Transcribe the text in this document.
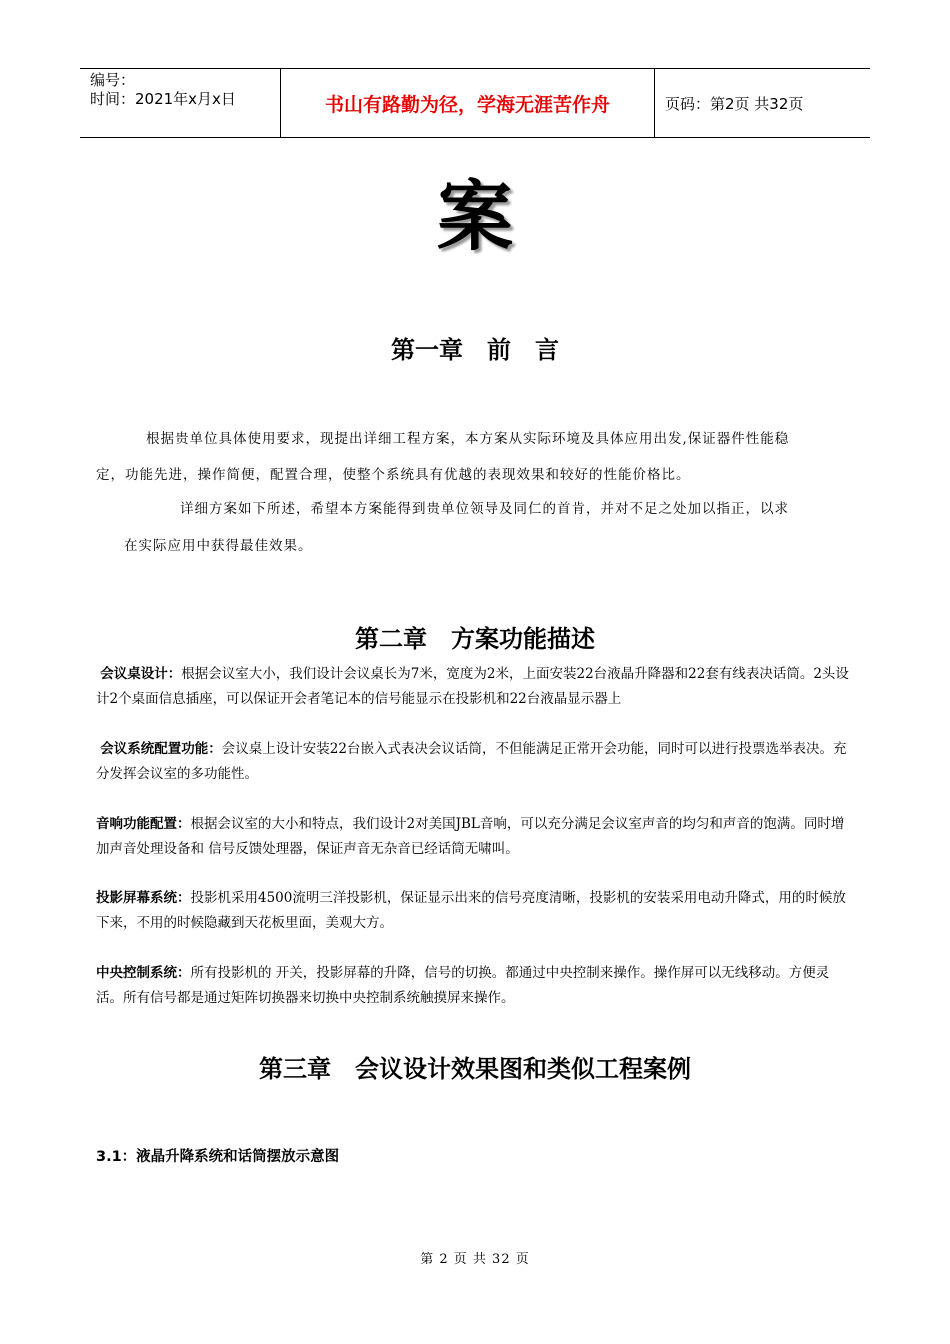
编号：
时间：2021年x月x日	书山有路勤为径，学海无涯苦作舟	页码：第2页 共32页
案
第一章　前　言
根据贵单位具体使用要求，现提出详细工程方案，本方案从实际环境及具体应用出发,保证器件性能稳
定，功能先进，操作简便，配置合理，使整个系统具有优越的表现效果和较好的性能价格比。
详细方案如下所述，希望本方案能得到贵单位领导及同仁的首肯，并对不足之处加以指正，以求
在实际应用中获得最佳效果。
第二章　方案功能描述
会议桌设计：根据会议室大小，我们设计会议桌长为7米，宽度为2米，上面安装22台液晶升降器和22套有线表决话筒。2头设计2个桌面信息插座，可以保证开会者笔记本的信号能显示在投影机和22台液晶显示器上
会议系统配置功能：会议桌上设计安装22台嵌入式表决会议话筒，不但能满足正常开会功能，同时可以进行投票选举表决。充分发挥会议室的多功能性。
音响功能配置：根据会议室的大小和特点，我们设计2对美国JBL音响，可以充分满足会议室声音的均匀和声音的饱满。同时增加声音处理设备和 信号反馈处理器，保证声音无杂音已经话筒无啸叫。
投影屏幕系统：投影机采用4500流明三洋投影机，保证显示出来的信号亮度清晰，投影机的安装采用电动升降式，用的时候放下来，不用的时候隐藏到天花板里面，美观大方。
中央控制系统：所有投影机的 开关，投影屏幕的升降，信号的切换。都通过中央控制来操作。操作屏可以无线移动。方便灵活。所有信号都是通过矩阵切换器来切换中央控制系统触摸屏来操作。
第三章　会议设计效果图和类似工程案例
3.1：液晶升降系统和话筒摆放示意图
第 2 页 共 32 页
